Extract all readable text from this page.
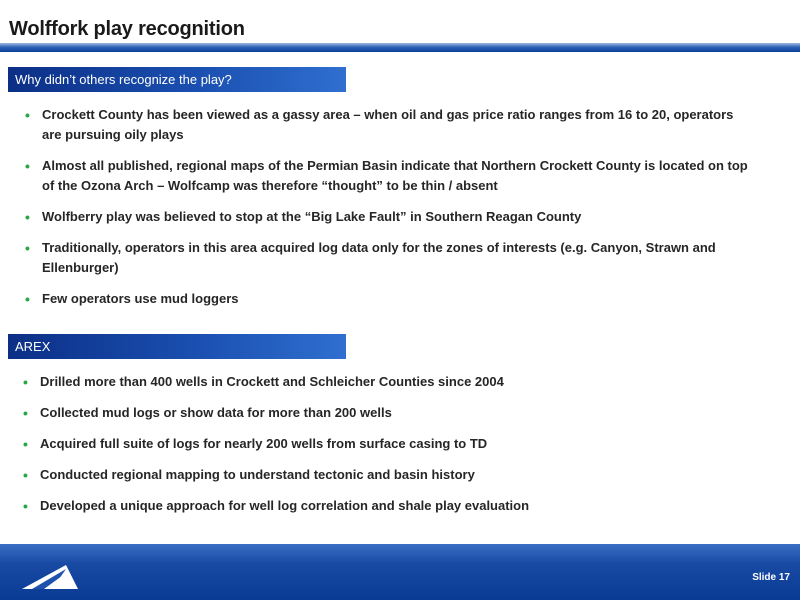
Wolffork play recognition
Why didn’t others recognize the play?
• Crockett County has been viewed as a gassy area – when oil and gas price ratio ranges from 16 to 20, operators are pursuing oily plays
• Almost all published, regional maps of the Permian Basin indicate that Northern Crockett County is located on top of the Ozona Arch – Wolfcamp was therefore “thought” to be thin / absent
• Wolfberry play was believed to stop at the “Big Lake Fault” in Southern Reagan County
• Traditionally, operators in this area acquired log data only for the zones of interests (e.g. Canyon, Strawn and Ellenburger)
• Few operators use mud loggers
AREX
• Drilled more than 400 wells in Crockett and Schleicher Counties since 2004
• Collected mud logs or show data for more than 200 wells
• Acquired full suite of logs for nearly 200 wells from surface casing to TD
• Conducted regional mapping to understand tectonic and basin history
• Developed a unique approach for well log correlation and shale play evaluation
Slide 17
